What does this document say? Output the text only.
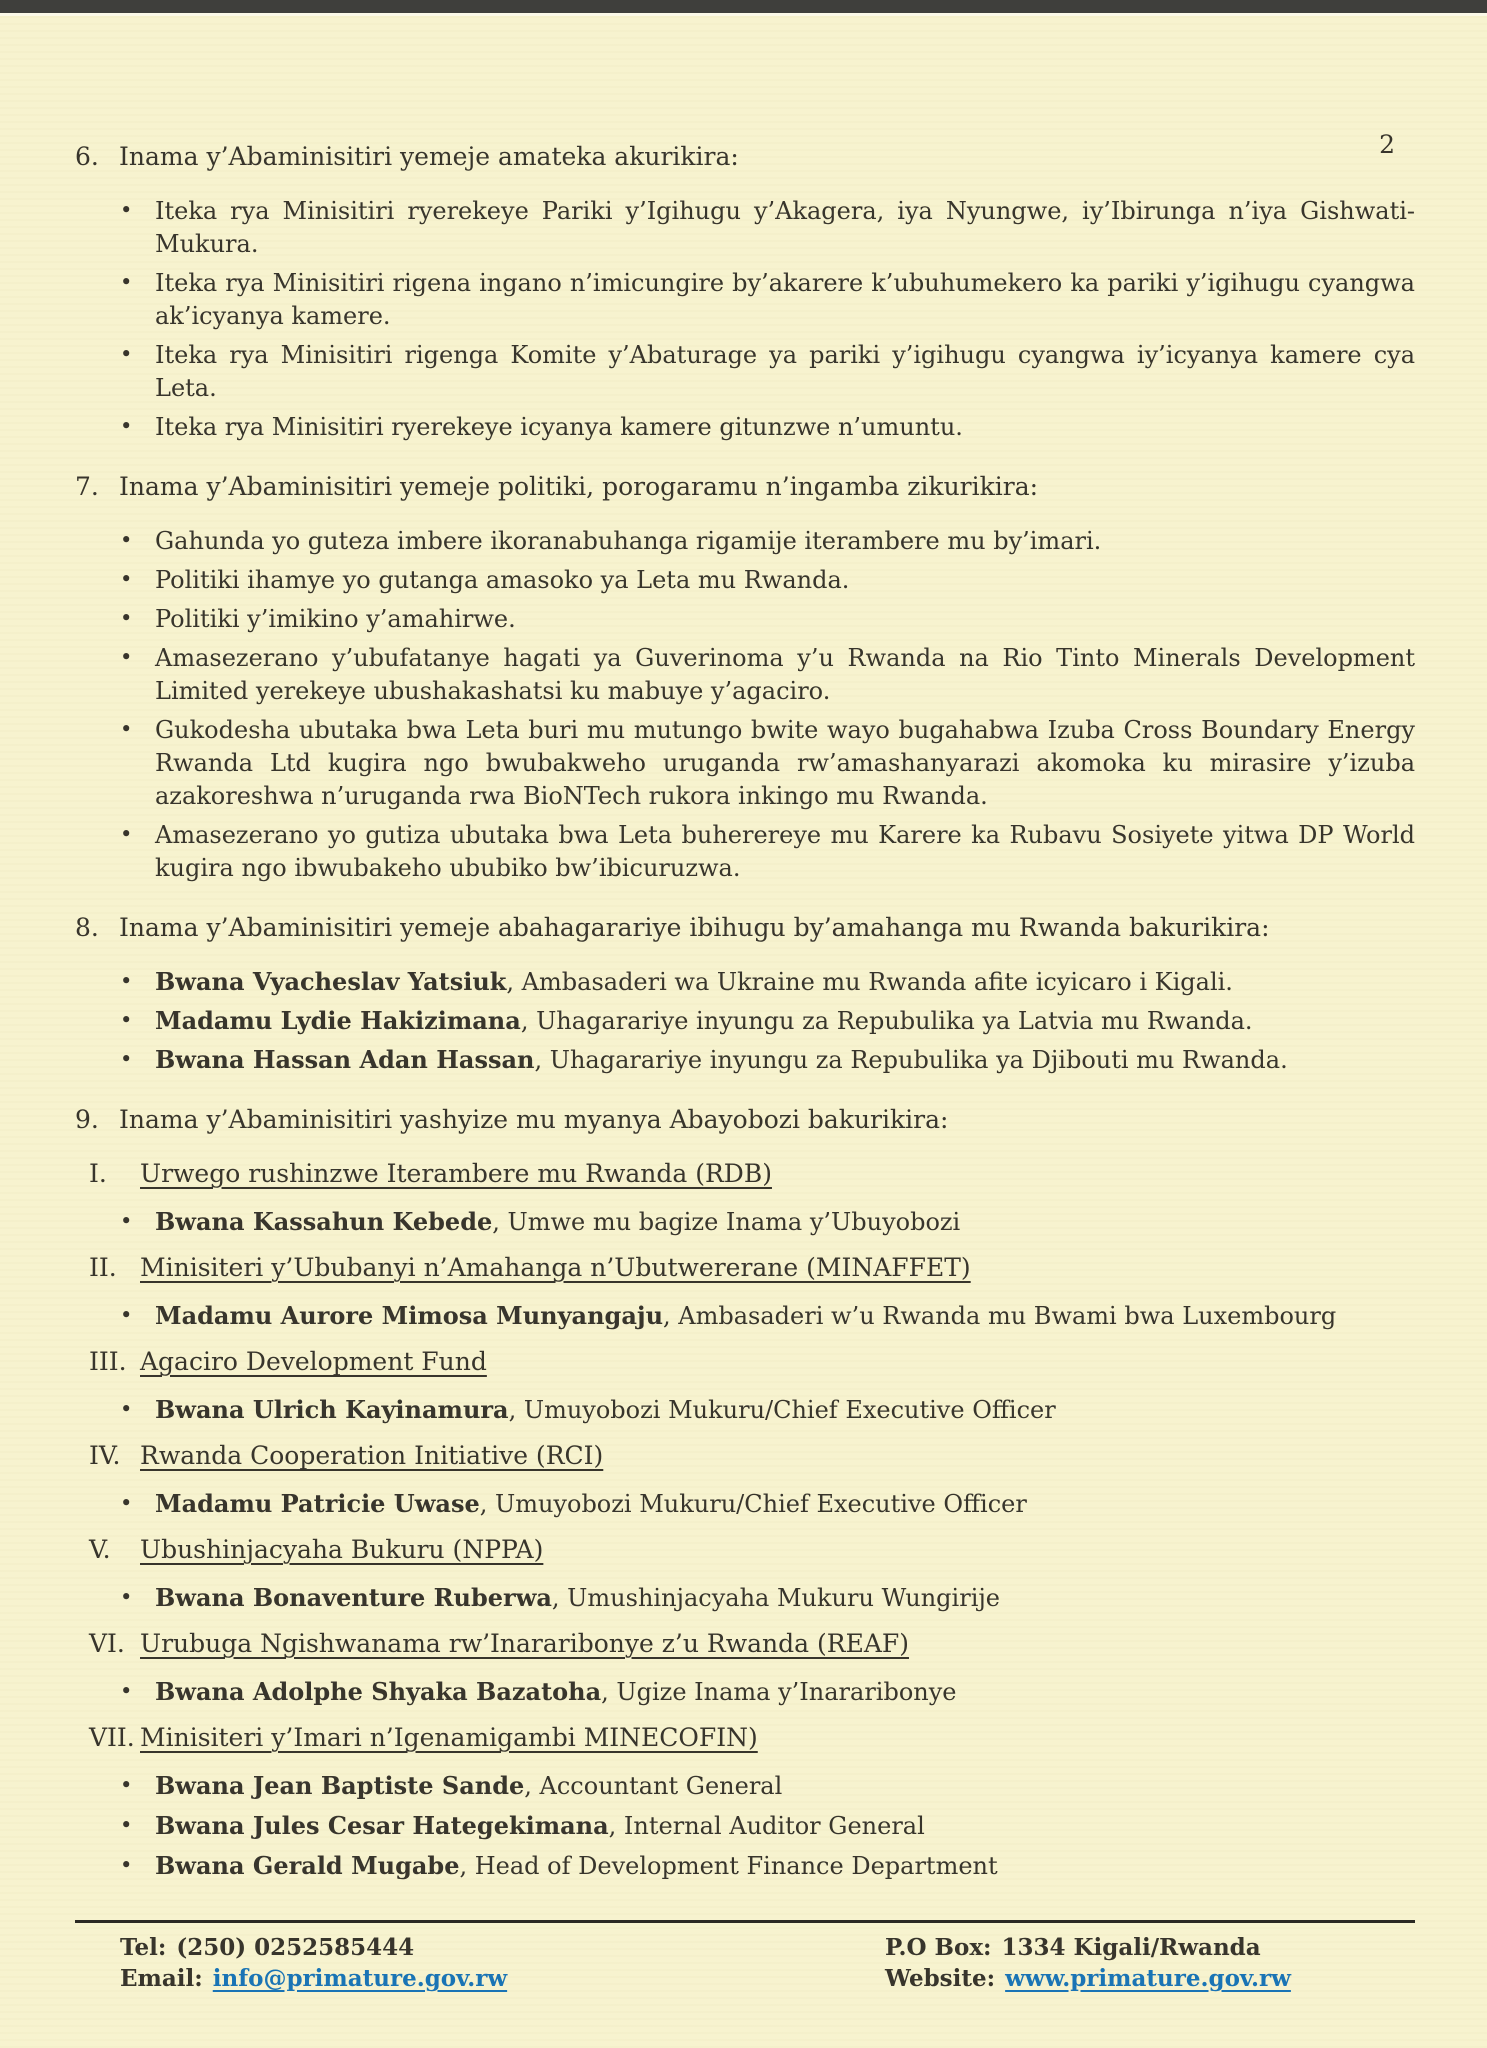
2
6. Inama y’Abaminisitiri yemeje amateka akurikira:
• Iteka rya Minisitiri ryerekeye Pariki y’Igihugu y’Akagera, iya Nyungwe, iy’Ibirunga n’iya Gishwati-Mukura.
• Iteka rya Minisitiri rigena ingano n’imicungire by’akarere k’ubuhumekero ka pariki y’igihugu cyangwa ak’icyanya kamere.
• Iteka rya Minisitiri rigenga Komite y’Abaturage ya pariki y’igihugu cyangwa iy’icyanya kamere cya Leta.
• Iteka rya Minisitiri ryerekeye icyanya kamere gitunzwe n’umuntu.
7. Inama y’Abaminisitiri yemeje politiki, porogaramu n’ingamba zikurikira:
• Gahunda yo guteza imbere ikoranabuhanga rigamije iterambere mu by’imari.
• Politiki ihamye yo gutanga amasoko ya Leta mu Rwanda.
• Politiki y’imikino y’amahirwe.
• Amasezerano y’ubufatanye hagati ya Guverinoma y’u Rwanda na Rio Tinto Minerals Development Limited yerekeye ubushakashatsi ku mabuye y’agaciro.
• Gukodesha ubutaka bwa Leta buri mu mutungo bwite wayo bugahabwa Izuba Cross Boundary Energy Rwanda Ltd kugira ngo bwubakweho uruganda rw’amashanyarazi akomoka ku mirasire y’izuba azakoreshwa n’uruganda rwa BioNTech rukora inkingo mu Rwanda.
• Amasezerano yo gutiza ubutaka bwa Leta buherereye mu Karere ka Rubavu Sosiyete yitwa DP World kugira ngo ibwubakeho ububiko bw’ibicuruzwa.
8. Inama y’Abaminisitiri yemeje abahagarariye ibihugu by’amahanga mu Rwanda bakurikira:
• Bwana Vyacheslav Yatsiuk, Ambasaderi wa Ukraine mu Rwanda afite icyicaro i Kigali.
• Madamu Lydie Hakizimana, Uhagarariye inyungu za Repubulika ya Latvia mu Rwanda.
• Bwana Hassan Adan Hassan, Uhagarariye inyungu za Repubulika ya Djibouti mu Rwanda.
9. Inama y’Abaminisitiri yashyize mu myanya Abayobozi bakurikira:
I.	Urwego rushinzwe Iterambere mu Rwanda (RDB)
• Bwana Kassahun Kebede, Umwe mu bagize Inama y’Ubuyobozi
II. Minisiteri y’Ububanyi n’Amahanga n’Ubutwererane (MINAFFET)
• Madamu Aurore Mimosa Munyangaju, Ambasaderi w’u Rwanda mu Bwami bwa Luxembourg
III. Agaciro Development Fund
• Bwana Ulrich Kayinamura, Umuyobozi Mukuru/Chief Executive Officer
IV. Rwanda Cooperation Initiative (RCI)
• Madamu Patricie Uwase, Umuyobozi Mukuru/Chief Executive Officer
V.	Ubushinjacyaha Bukuru (NPPA)
• Bwana Bonaventure Ruberwa, Umushinjacyaha Mukuru Wungirije
VI. Urubuga Ngishwanama rw’Inararibonye z’u Rwanda (REAF)
• Bwana Adolphe Shyaka Bazatoha, Ugize Inama y’Inararibonye
VII. Minisiteri y’Imari n’Igenamigambi MINECOFIN)
• Bwana Jean Baptiste Sande, Accountant General
• Bwana Jules Cesar Hategekimana, Internal Auditor General
• Bwana Gerald Mugabe, Head of Development Finance Department
Tel: (250) 0252585444
Email: info@primature.gov.rw
P.O Box: 1334 Kigali/Rwanda
Website: www.primature.gov.rw
